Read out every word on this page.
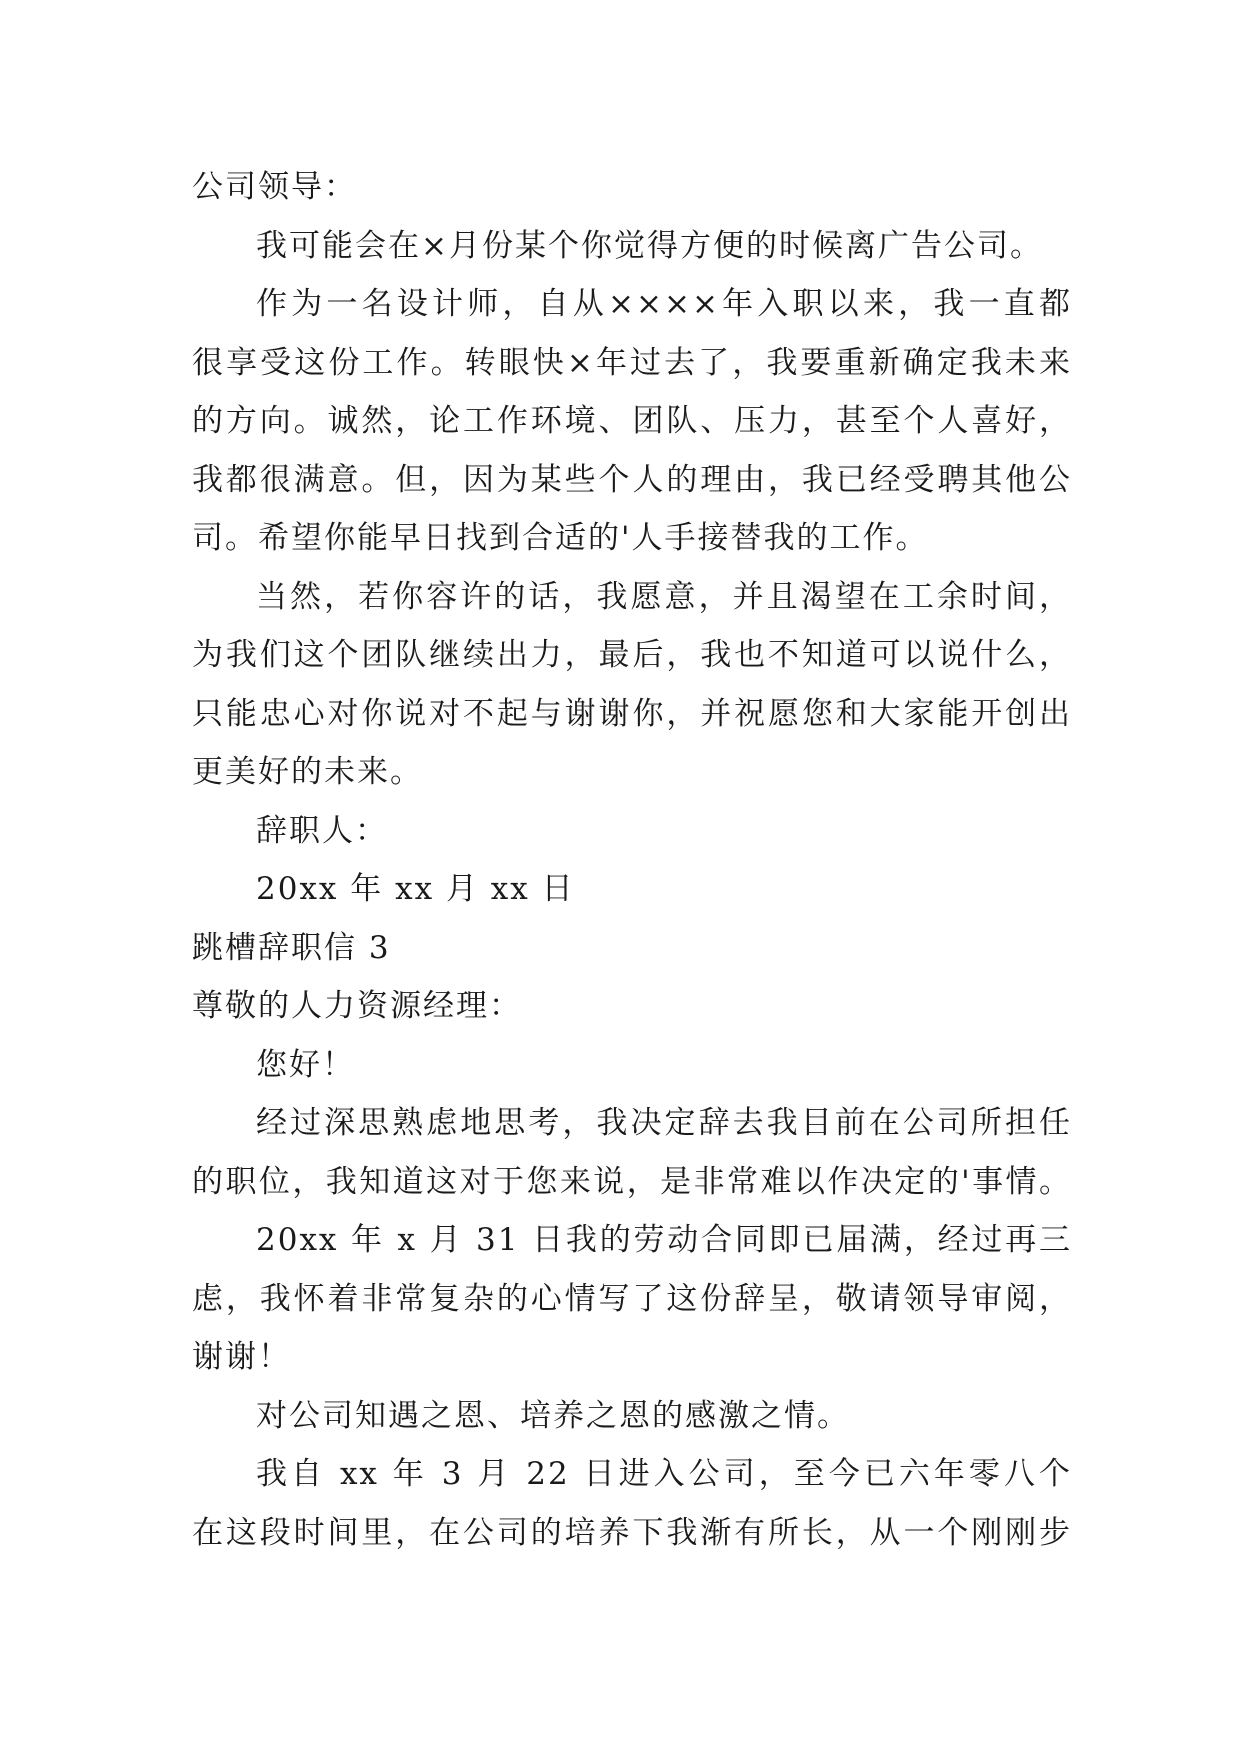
公司领导：
我可能会在×月份某个你觉得方便的时候离广告公司。
作为一名设计师，自从××××年入职以来，我一直都
很享受这份工作。转眼快×年过去了，我要重新确定我未来
的方向。诚然，论工作环境、团队、压力，甚至个人喜好，
我都很满意。但，因为某些个人的理由，我已经受聘其他公
司。希望你能早日找到合适的'人手接替我的工作。
当然，若你容许的话，我愿意，并且渴望在工余时间，
为我们这个团队继续出力，最后，我也不知道可以说什么，
只能忠心对你说对不起与谢谢你，并祝愿您和大家能开创出
更美好的未来。
辞职人：
20xx 年 xx 月 xx 日
跳槽辞职信 3
尊敬的人力资源经理：
您好！
经过深思熟虑地思考，我决定辞去我目前在公司所担任
的职位，我知道这对于您来说，是非常难以作决定的'事情。
20xx 年 x 月 31 日我的劳动合同即已届满，经过再三
虑，我怀着非常复杂的心情写了这份辞呈，敬请领导审阅，
谢谢！
对公司知遇之恩、培养之恩的感激之情。
我自 xx 年 3 月 22 日进入公司，至今已六年零八个
在这段时间里，在公司的培养下我渐有所长，从一个刚刚步
